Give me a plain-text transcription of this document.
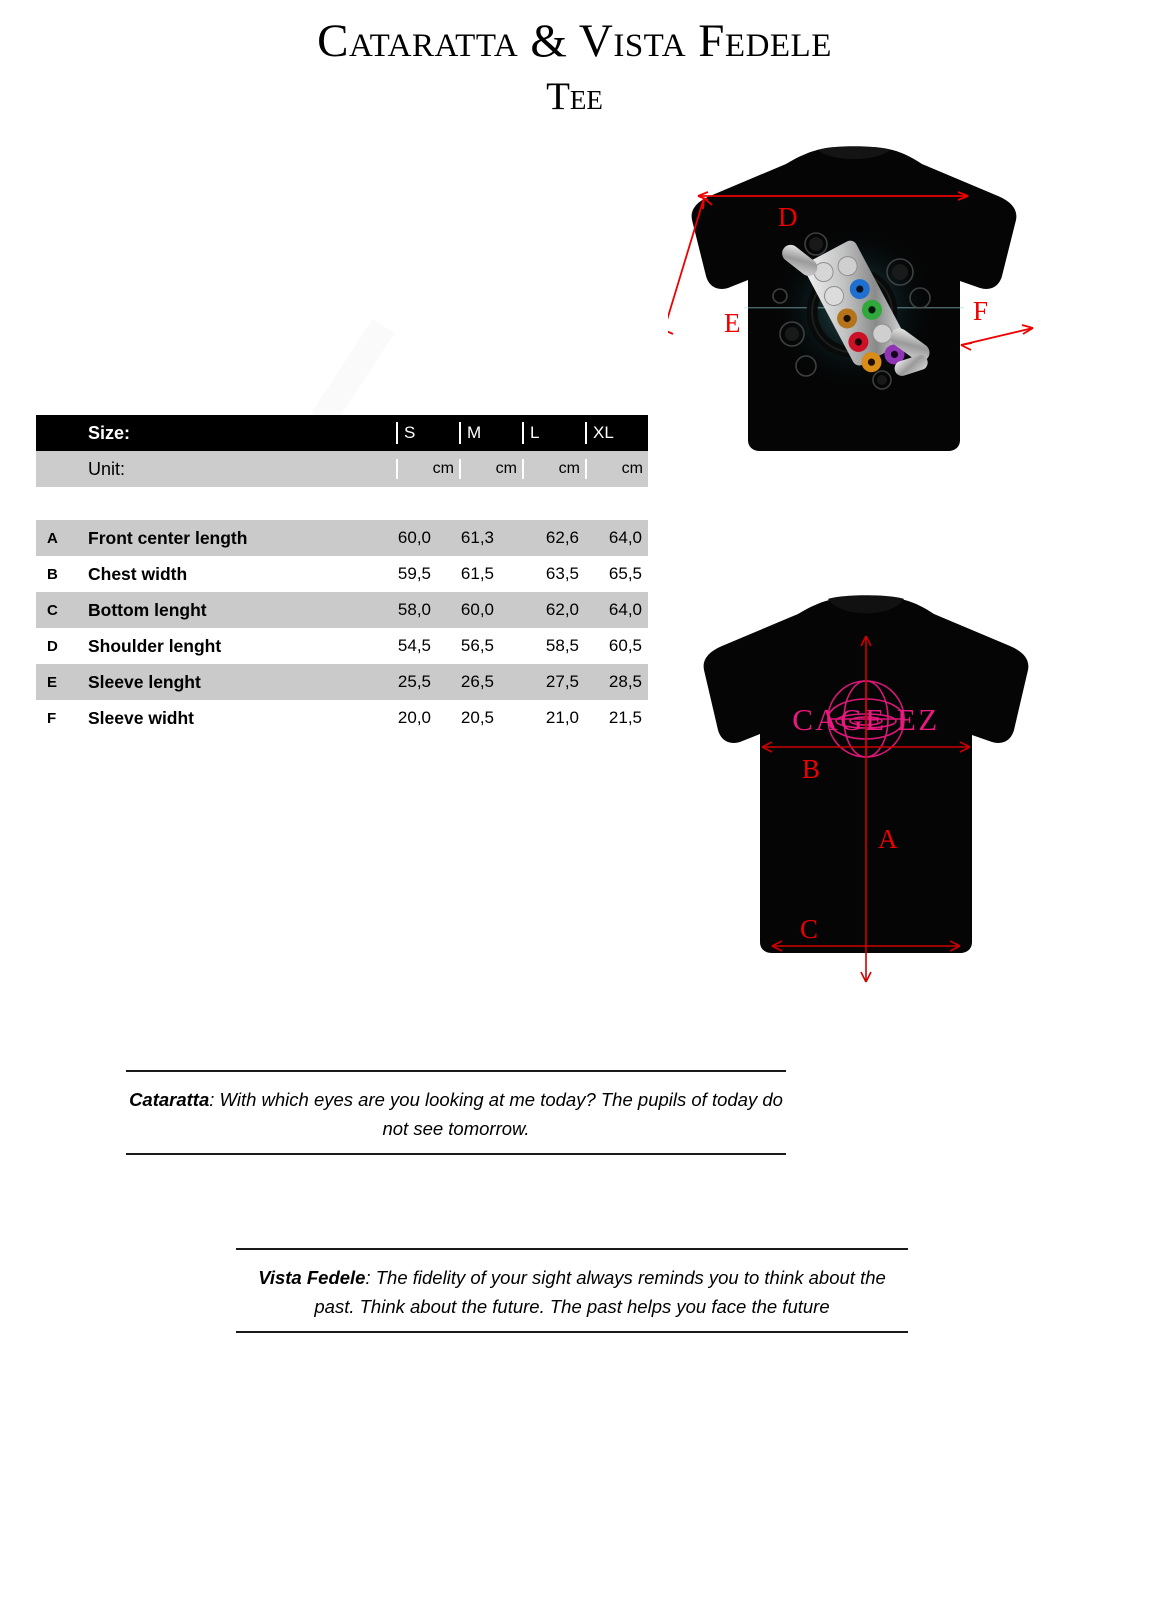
Cataratta & Vista Fedele
Tee
D
E	F
CAGE EZ
B
A
C
Size:	S	M	L	XL
Unit:	cm	cm	cm	cm
A	Front center length	60,0	61,3	62,6	64,0
B	Chest width	59,5	61,5	63,5	65,5
C	Bottom lenght	58,0	60,0	62,0	64,0
D	Shoulder lenght	54,5	56,5	58,5	60,5
E	Sleeve lenght	25,5	26,5	27,5	28,5
F	Sleeve widht	20,0	20,5	21,0	21,5
Cataratta: With which eyes are you looking at me today? The pupils of today do not see tomorrow.
Vista Fedele: The fidelity of your sight always reminds you to think about the past. Think about the future. The past helps you face the future
